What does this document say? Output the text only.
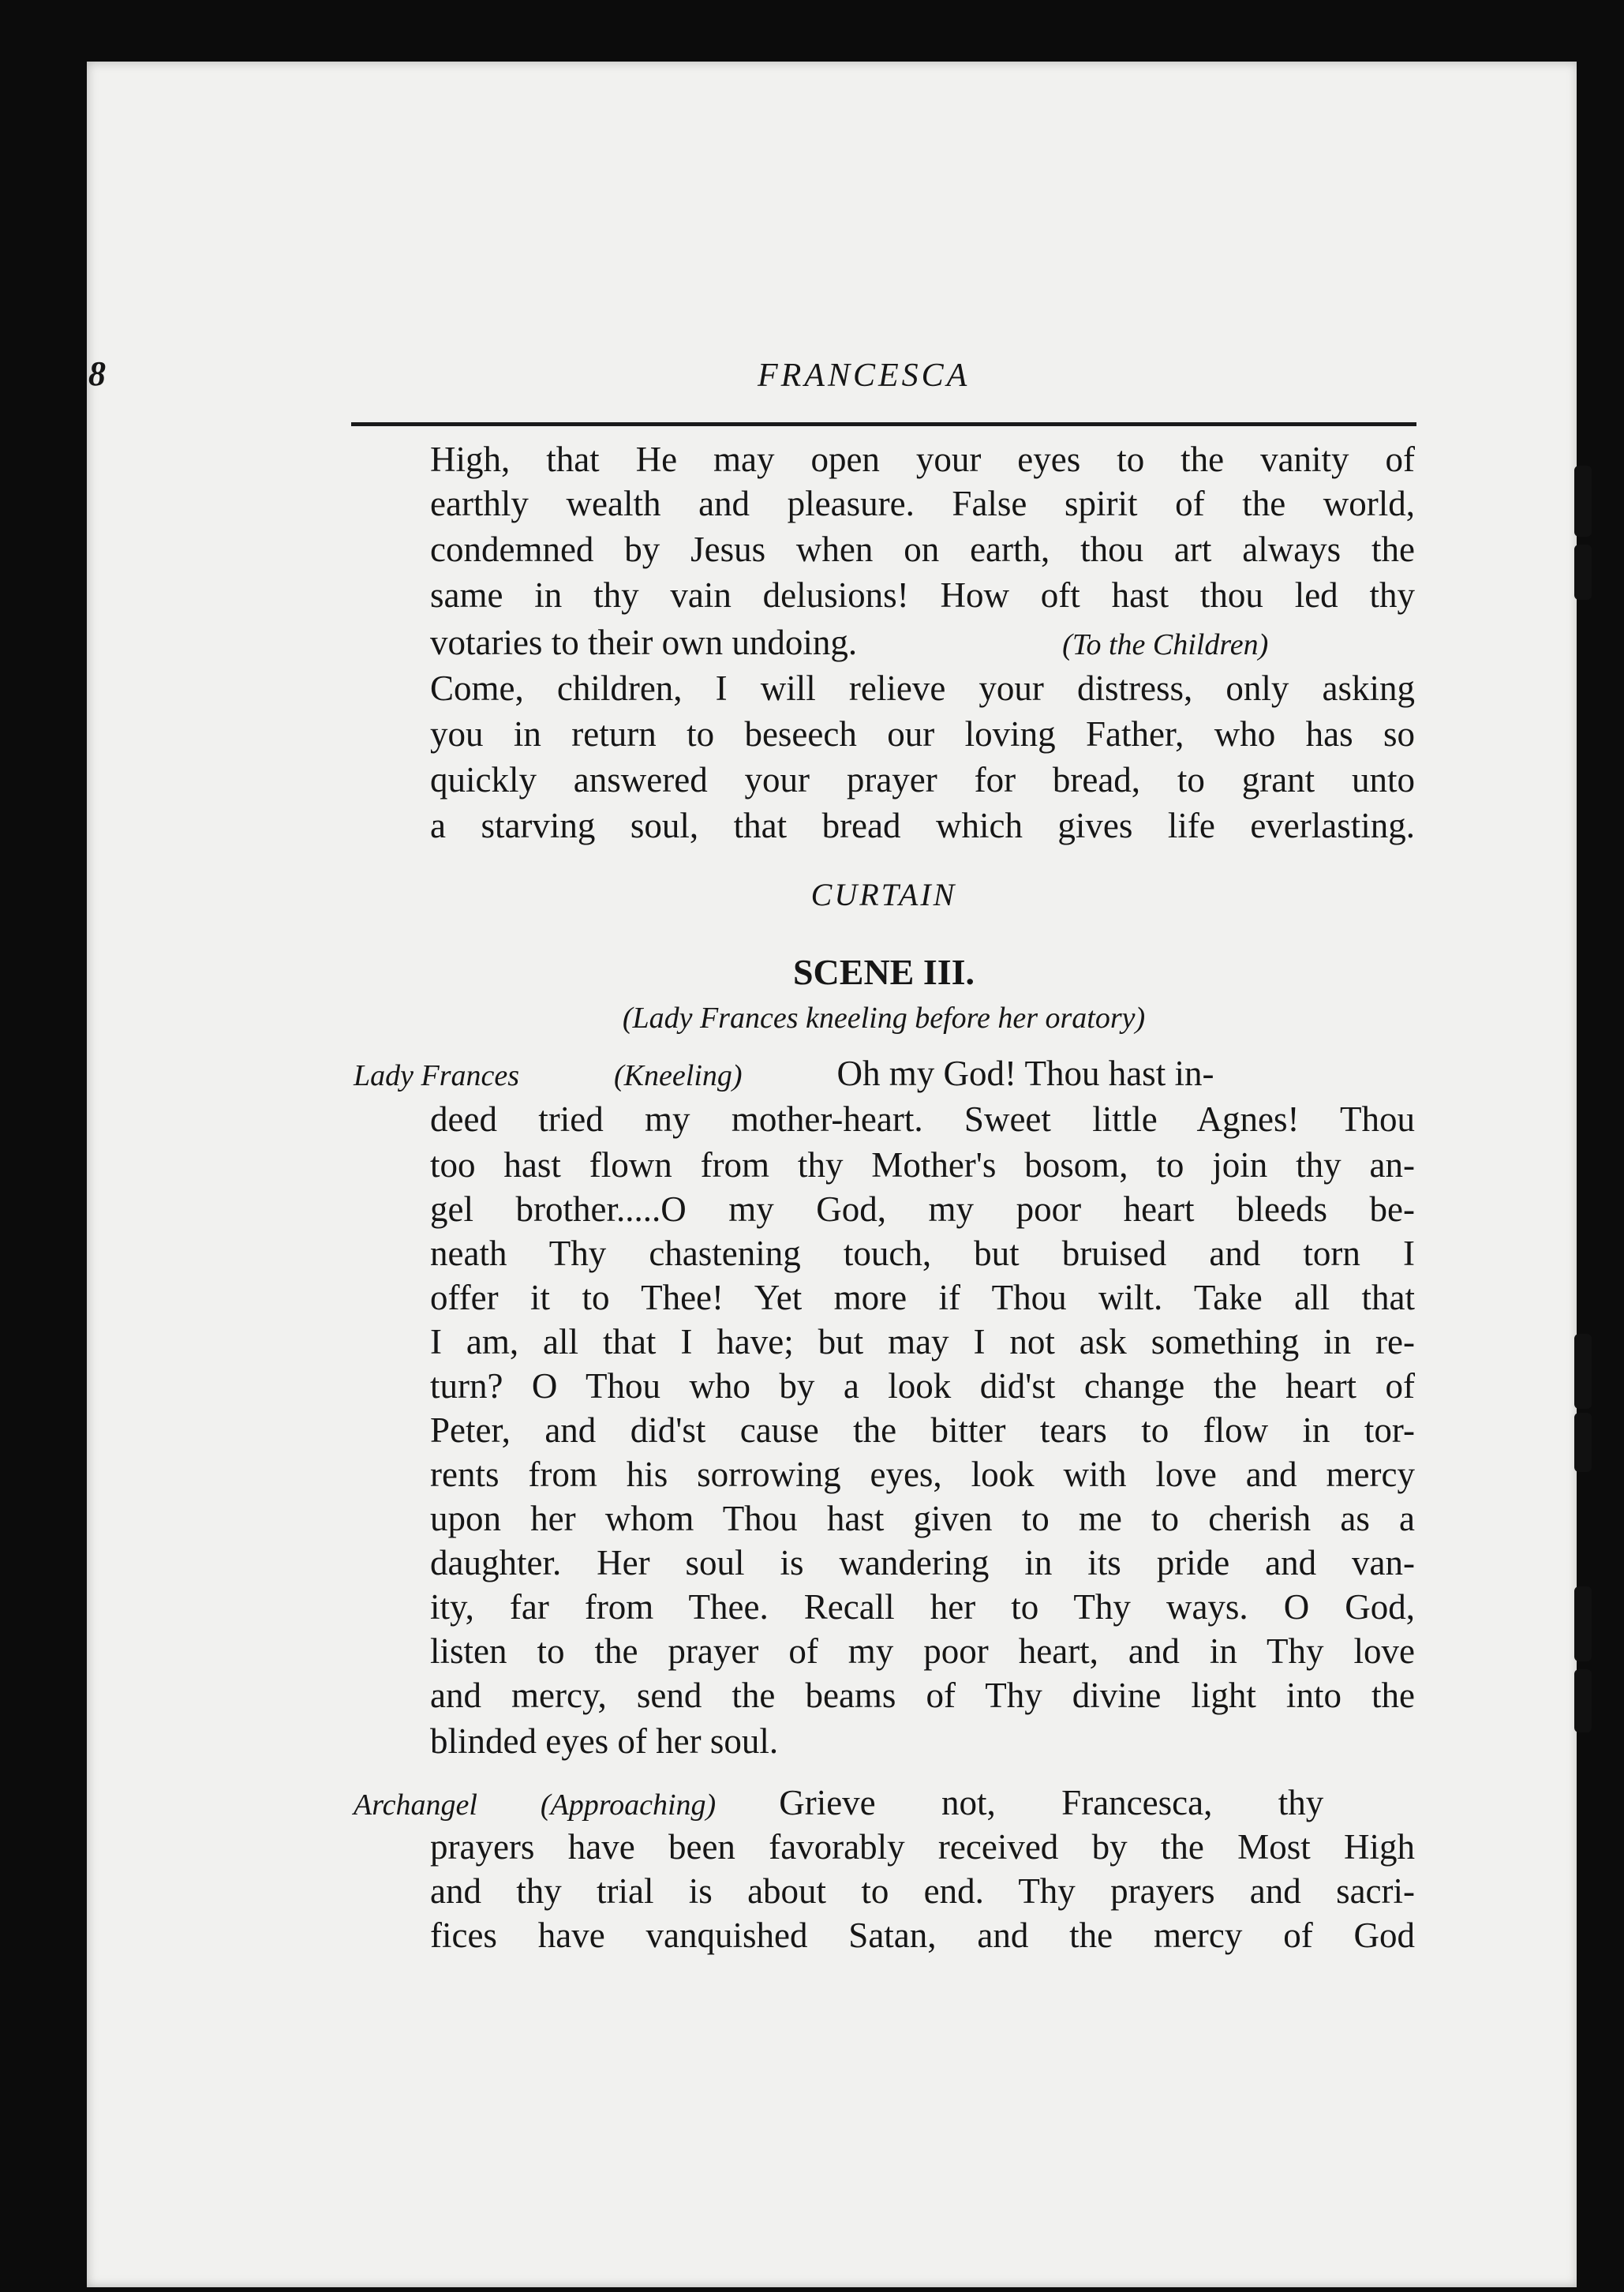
8	FRANCESCA
High, that He may open your eyes to the vanity of
earthly wealth and pleasure. False spirit of the world,
condemned by Jesus when on earth, thou art always the
same in thy vain delusions! How oft hast thou led thy
votaries to their own undoing.	(To the Children)
Come, children, I will relieve your distress, only asking
you in return to beseech our loving Father, who has so
quickly answered your prayer for bread, to grant unto
a starving soul, that bread which gives life everlasting.
CURTAIN
SCENE III.
(Lady Frances kneeling before her oratory)
Lady Frances	(Kneeling)	Oh my God! Thou hast in-
deed tried my mother-heart. Sweet little Agnes! Thou
too hast flown from thy Mother's bosom, to join thy an-
gel brother.....O my God, my poor heart bleeds be-
neath Thy chastening touch, but bruised and torn I
offer it to Thee! Yet more if Thou wilt. Take all that
I am, all that I have; but may I not ask something in re-
turn? O Thou who by a look did'st change the heart of
Peter, and did'st cause the bitter tears to flow in tor-
rents from his sorrowing eyes, look with love and mercy
upon her whom Thou hast given to me to cherish as a
daughter. Her soul is wandering in its pride and van-
ity, far from Thee. Recall her to Thy ways. O God,
listen to the prayer of my poor heart, and in Thy love
and mercy, send the beams of Thy divine light into the
blinded eyes of her soul.
Archangel (Approaching) Grieve not, Francesca, thy
prayers have been favorably received by the Most High
and thy trial is about to end. Thy prayers and sacri-
fices have vanquished Satan, and the mercy of God
